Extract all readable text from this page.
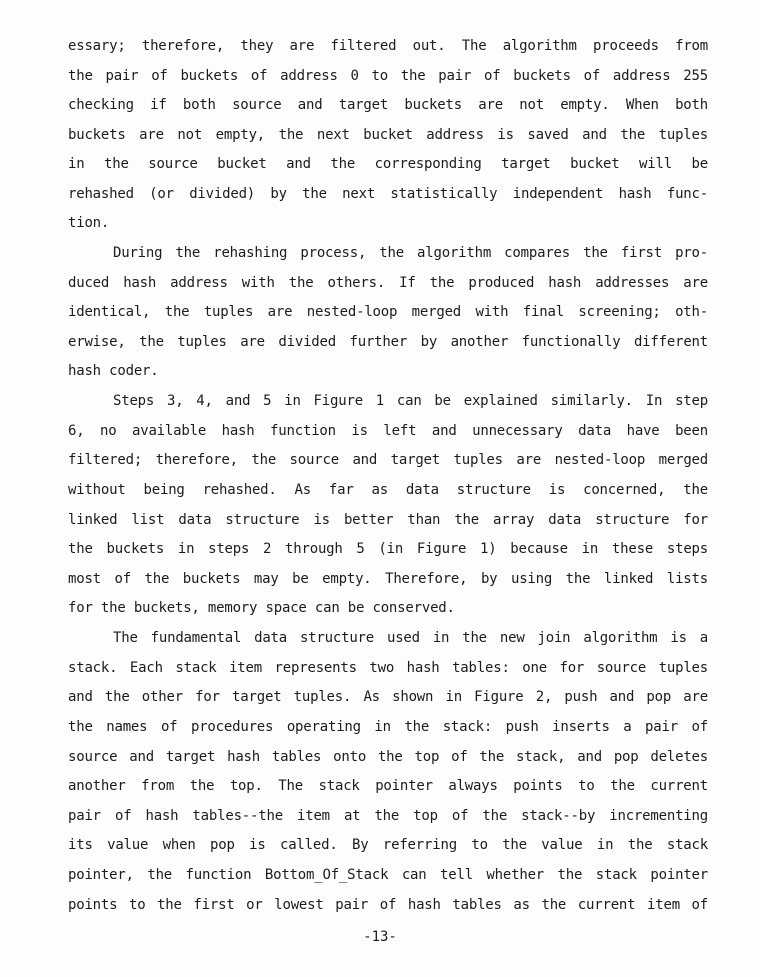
essary; therefore, they are filtered out. The algorithm proceeds from
the pair of buckets of address 0 to the pair of buckets of address 255
checking if both source and target buckets are not empty. When both
buckets are not empty, the next bucket address is saved and the tuples
in the source bucket and the corresponding target bucket will be
rehashed (or divided) by the next statistically independent hash func-
tion.
During the rehashing process, the algorithm compares the first pro-
duced hash address with the others. If the produced hash addresses are
identical, the tuples are nested-loop merged with final screening; oth-
erwise, the tuples are divided further by another functionally different
hash coder.
Steps 3, 4, and 5 in Figure 1 can be explained similarly. In step
6, no available hash function is left and unnecessary data have been
filtered; therefore, the source and target tuples are nested-loop merged
without being rehashed. As far as data structure is concerned, the
linked list data structure is better than the array data structure for
the buckets in steps 2 through 5 (in Figure 1) because in these steps
most of the buckets may be empty. Therefore, by using the linked lists
for the buckets, memory space can be conserved.
The fundamental data structure used in the new join algorithm is a
stack. Each stack item represents two hash tables: one for source tuples
and the other for target tuples. As shown in Figure 2, push and pop are
the names of procedures operating in the stack: push inserts a pair of
source and target hash tables onto the top of the stack, and pop deletes
another from the top. The stack pointer always points to the current
pair of hash tables--the item at the top of the stack--by incrementing
its value when pop is called. By referring to the value in the stack
pointer, the function Bottom_Of_Stack can tell whether the stack pointer
points to the first or lowest pair of hash tables as the current item of
-13-
